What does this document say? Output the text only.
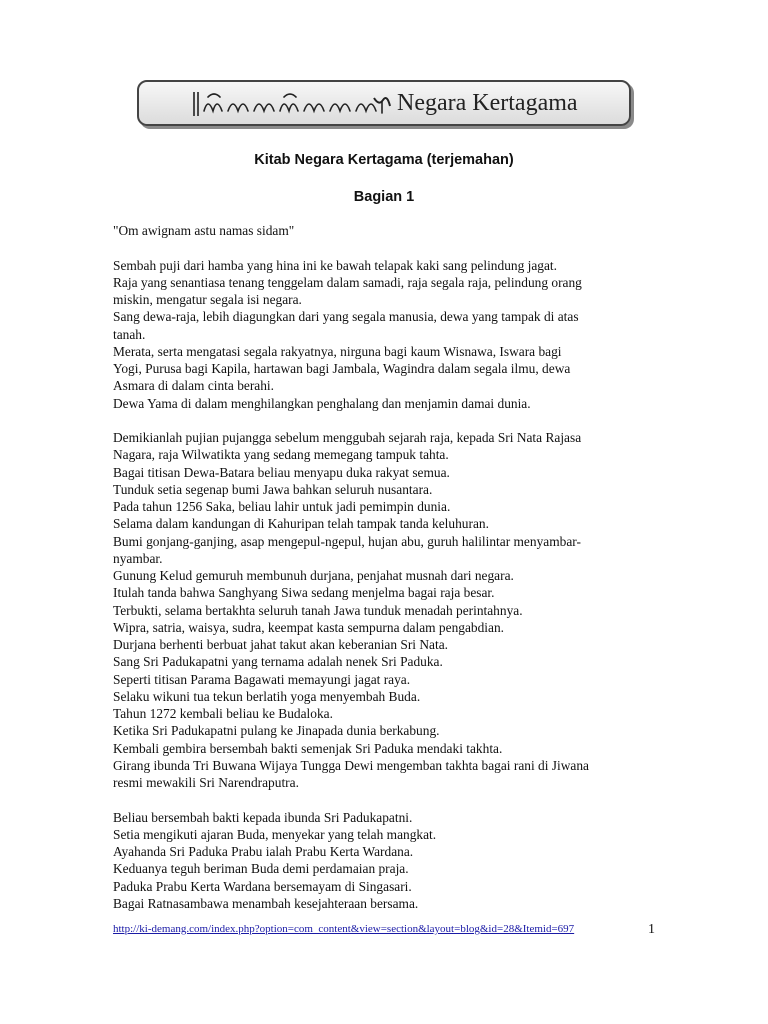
Negara Kertagama
Kitab Negara Kertagama (terjemahan)
Bagian 1
"Om awignam astu namas sidam"
Sembah puji dari hamba yang hina ini ke bawah telapak kaki sang pelindung jagat.
Raja yang senantiasa tenang tenggelam dalam samadi, raja segala raja, pelindung orang
miskin, mengatur segala isi negara.
Sang dewa-raja, lebih diagungkan dari yang segala manusia, dewa yang tampak di atas
tanah.
Merata, serta mengatasi segala rakyatnya, nirguna bagi kaum Wisnawa, Iswara bagi
Yogi, Purusa bagi Kapila, hartawan bagi Jambala, Wagindra dalam segala ilmu, dewa
Asmara di dalam cinta berahi.
Dewa Yama di dalam menghilangkan penghalang dan menjamin damai dunia.
Demikianlah pujian pujangga sebelum menggubah sejarah raja, kepada Sri Nata Rajasa
Nagara, raja Wilwatikta yang sedang memegang tampuk tahta.
Bagai titisan Dewa-Batara beliau menyapu duka rakyat semua.
Tunduk setia segenap bumi Jawa bahkan seluruh nusantara.
Pada tahun 1256 Saka, beliau lahir untuk jadi pemimpin dunia.
Selama dalam kandungan di Kahuripan telah tampak tanda keluhuran.
Bumi gonjang-ganjing, asap mengepul-ngepul, hujan abu, guruh halilintar menyambar-
nyambar.
Gunung Kelud gemuruh membunuh durjana, penjahat musnah dari negara.
Itulah tanda bahwa Sanghyang Siwa sedang menjelma bagai raja besar.
Terbukti, selama bertakhta seluruh tanah Jawa tunduk menadah perintahnya.
Wipra, satria, waisya, sudra, keempat kasta sempurna dalam pengabdian.
Durjana berhenti berbuat jahat takut akan keberanian Sri Nata.
Sang Sri Padukapatni yang ternama adalah nenek Sri Paduka.
Seperti titisan Parama Bagawati memayungi jagat raya.
Selaku wikuni tua tekun berlatih yoga menyembah Buda.
Tahun 1272 kembali beliau ke Budaloka.
Ketika Sri Padukapatni pulang ke Jinapada dunia berkabung.
Kembali gembira bersembah bakti semenjak Sri Paduka mendaki takhta.
Girang ibunda Tri Buwana Wijaya Tungga Dewi mengemban takhta bagai rani di Jiwana
resmi mewakili Sri Narendraputra.
Beliau bersembah bakti kepada ibunda Sri Padukapatni.
Setia mengikuti ajaran Buda, menyekar yang telah mangkat.
Ayahanda Sri Paduka Prabu ialah Prabu Kerta Wardana.
Keduanya teguh beriman Buda demi perdamaian praja.
Paduka Prabu Kerta Wardana bersemayam di Singasari.
Bagai Ratnasambawa menambah kesejahteraan bersama.
http://ki-demang.com/index.php?option=com_content&view=section&layout=blog&id=28&Itemid=697	1
